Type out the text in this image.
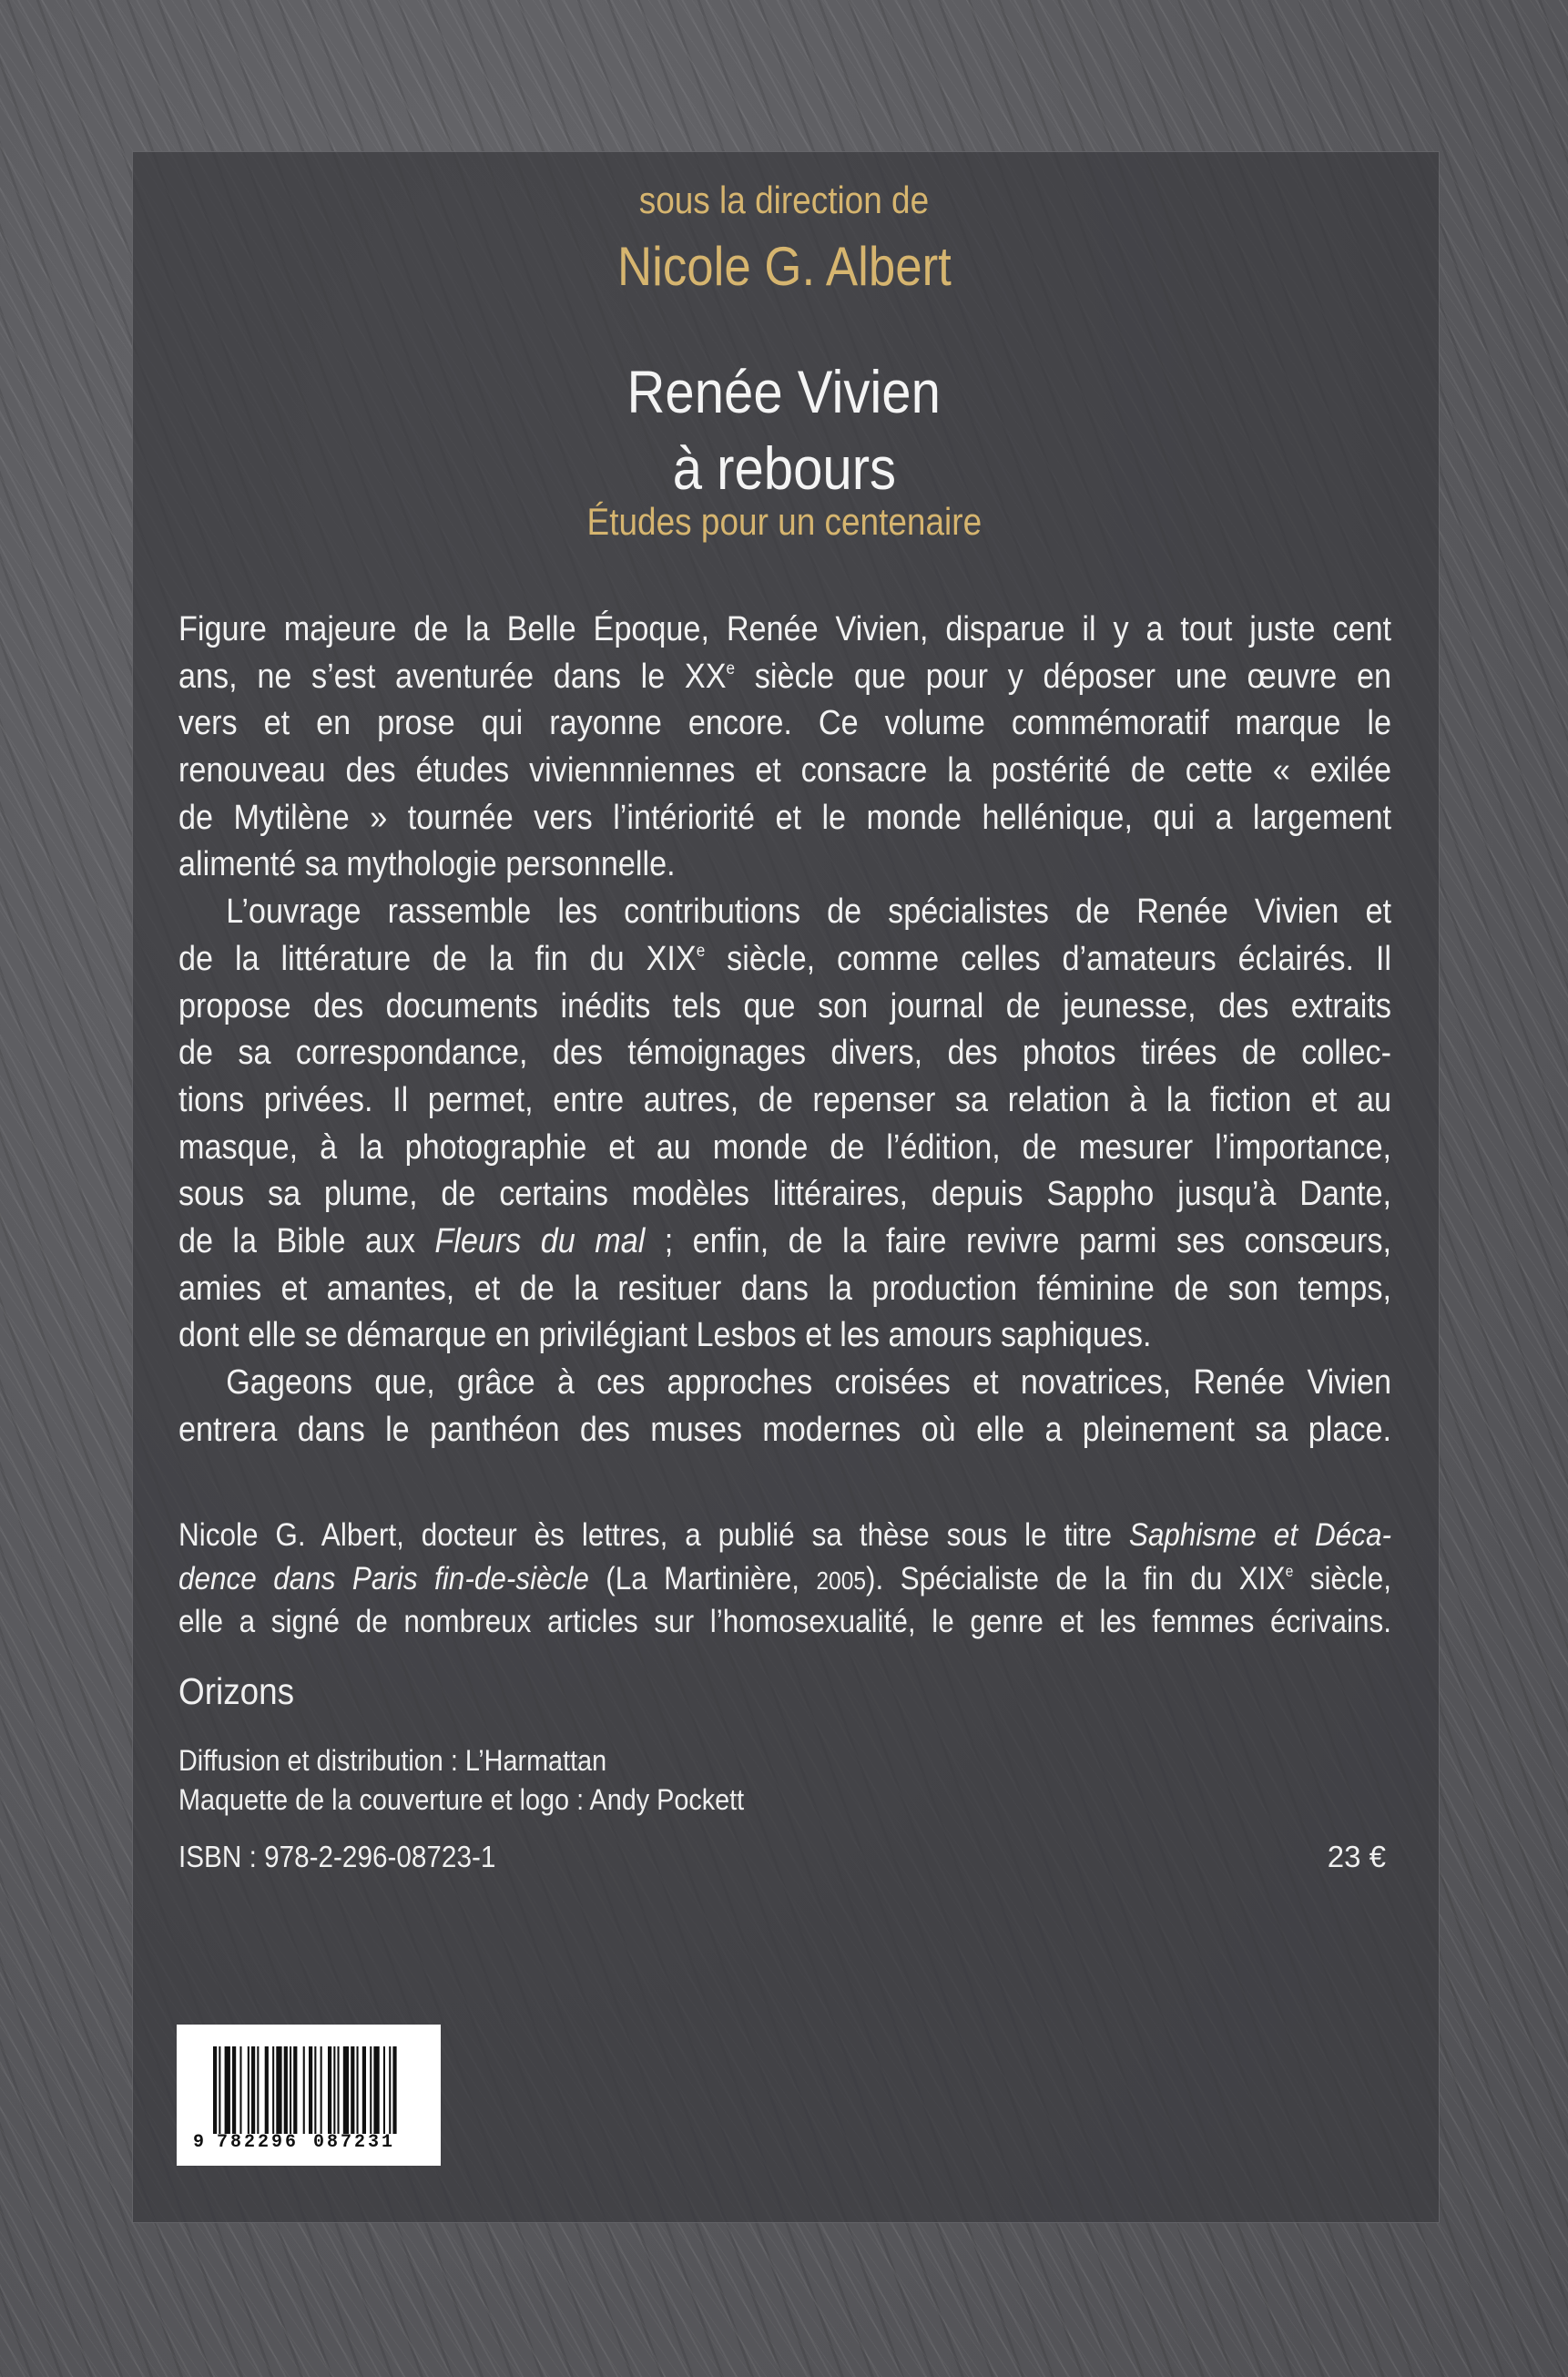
sous la direction de
Nicole G. Albert
Renée Vivien
à rebours
Études pour un centenaire
Figure majeure de la Belle Époque, Renée Vivien, disparue il y a tout juste cent
ans, ne s’est aventurée dans le XXe siècle que pour y déposer une œuvre en
vers et en prose qui rayonne encore. Ce volume commémoratif marque le
renouveau des études viviennniennes et consacre la postérité de cette « exilée
de Mytilène » tournée vers l’intériorité et le monde hellénique, qui a largement
alimenté sa mythologie personnelle.
L’ouvrage rassemble les contributions de spécialistes de Renée Vivien et
de la littérature de la fin du XIXe siècle, comme celles d’amateurs éclairés. Il
propose des documents inédits tels que son journal de jeunesse, des extraits
de sa correspondance, des témoignages divers, des photos tirées de collec-
tions privées. Il permet, entre autres, de repenser sa relation à la fiction et au
masque, à la photographie et au monde de l’édition, de mesurer l’importance,
sous sa plume, de certains modèles littéraires, depuis Sappho jusqu’à Dante,
de la Bible aux Fleurs du mal ; enfin, de la faire revivre parmi ses consœurs,
amies et amantes, et de la resituer dans la production féminine de son temps,
dont elle se démarque en privilégiant Lesbos et les amours saphiques.
Gageons que, grâce à ces approches croisées et novatrices, Renée Vivien
entrera dans le panthéon des muses modernes où elle a pleinement sa place.
Nicole G. Albert, docteur ès lettres, a publié sa thèse sous le titre Saphisme et Déca-
dence dans Paris fin-de-siècle (La Martinière, 2005). Spécialiste de la fin du XIXe siècle,
elle a signé de nombreux articles sur l’homosexualité, le genre et les femmes écrivains.
Orizons
Diffusion et distribution : L’Harmattan
Maquette de la couverture et logo : Andy Pockett
ISBN : 978-2-296-08723-1	23 €
9 782296 087231
